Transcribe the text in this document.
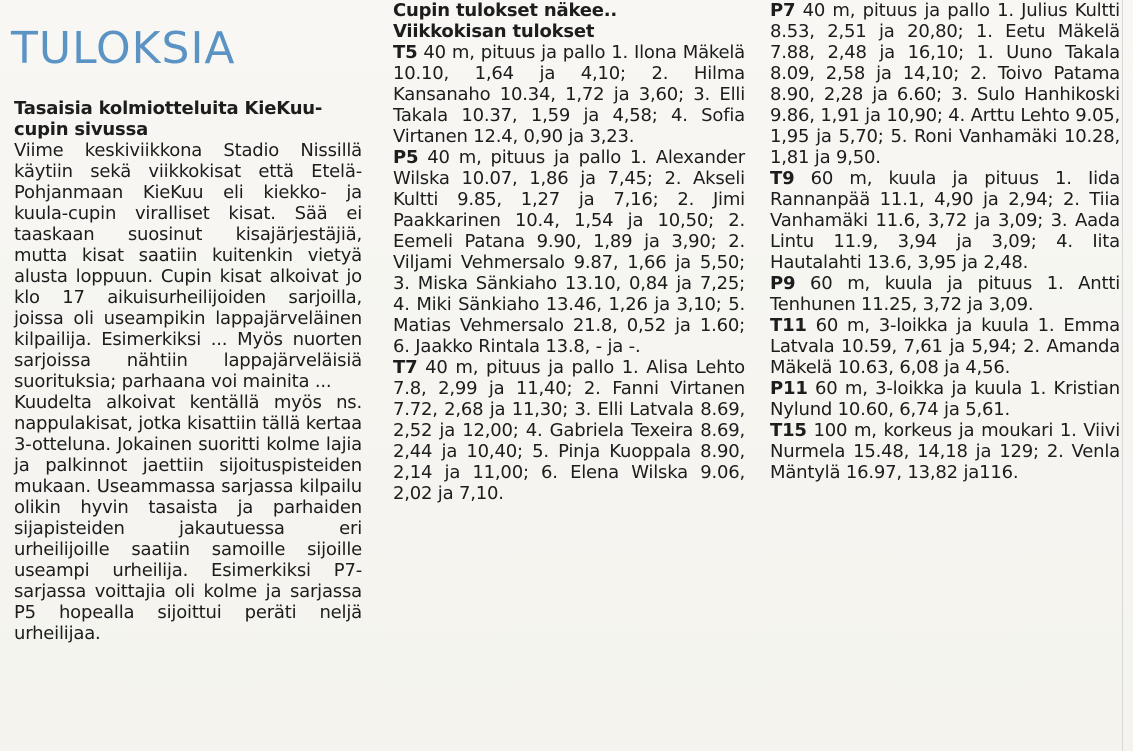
TULOKSIA
Tasaisia kolmiotteluita KieKuu-cupin sivussa
Viime keskiviikkona Stadio Nissillä käytiin sekä viikkokisat että Etelä-Pohjanmaan KieKuu eli kiekko- ja kuula-cupin viralliset kisat. Sää ei taaskaan suosinut kisajärjestäjiä, mutta kisat saatiin kuitenkin vietyä alusta loppuun. Cupin kisat alkoivat jo klo 17 aikuisurheilijoiden sarjoilla, joissa oli useampikin lappajärveläinen kilpailija. Esimerkiksi ... Myös nuorten sarjoissa nähtiin lappajärveläisiä suorituksia; parhaana voi mainita ...
Kuudelta alkoivat kentällä myös ns. nappulakisat, jotka kisattiin tällä kertaa 3-otteluna. Jokainen suoritti kolme lajia ja palkinnot jaettiin sijoituspisteiden mukaan. Useammassa sarjassa kilpailu olikin hyvin tasaista ja parhaiden sijapisteiden jakautuessa eri urheilijoille saatiin samoille sijoille useampi urheilija. Esimerkiksi P7-sarjassa voittajia oli kolme ja sarjassa P5 hopealla sijoittui peräti neljä urheilijaa.
Cupin tulokset näkee..
Viikkokisan tulokset
T5 40 m, pituus ja pallo 1. Ilona Mäkelä 10.10, 1,64 ja 4,10; 2. Hilma Kansanaho 10.34, 1,72 ja 3,60; 3. Elli Takala 10.37, 1,59 ja 4,58; 4. Sofia Virtanen 12.4, 0,90 ja 3,23.
P5 40 m, pituus ja pallo 1. Alexander Wilska 10.07, 1,86 ja 7,45; 2. Akseli Kultti 9.85, 1,27 ja 7,16; 2. Jimi Paakkarinen 10.4, 1,54 ja 10,50; 2. Eemeli Patana 9.90, 1,89 ja 3,90; 2. Viljami Vehmersalo 9.87, 1,66 ja 5,50; 3. Miska Sänkiaho 13.10, 0,84 ja 7,25; 4. Miki Sänkiaho 13.46, 1,26 ja 3,10; 5. Matias Vehmersalo 21.8, 0,52 ja 1.60; 6. Jaakko Rintala 13.8, - ja -.
T7 40 m, pituus ja pallo 1. Alisa Lehto 7.8, 2,99 ja 11,40; 2. Fanni Virtanen 7.72, 2,68 ja 11,30; 3. Elli Latvala 8.69, 2,52 ja 12,00; 4. Gabriela Texeira 8.69, 2,44 ja 10,40; 5. Pinja Kuoppala 8.90, 2,14 ja 11,00; 6. Elena Wilska 9.06, 2,02 ja 7,10.
P7 40 m, pituus ja pallo 1. Julius Kultti 8.53, 2,51 ja 20,80; 1. Eetu Mäkelä 7.88, 2,48 ja 16,10; 1. Uuno Takala 8.09, 2,58 ja 14,10; 2. Toivo Patama 8.90, 2,28 ja 6.60; 3. Sulo Hanhikoski 9.86, 1,91 ja 10,90; 4. Arttu Lehto 9.05, 1,95 ja 5,70; 5. Roni Vanhamäki 10.28, 1,81 ja 9,50.
T9 60 m, kuula ja pituus 1. Iida Rannanpää 11.1, 4,90 ja 2,94; 2. Tiia Vanhamäki 11.6, 3,72 ja 3,09; 3. Aada Lintu 11.9, 3,94 ja 3,09; 4. Iita Hautalahti 13.6, 3,95 ja 2,48.
P9 60 m, kuula ja pituus 1. Antti Tenhunen 11.25, 3,72 ja 3,09.
T11 60 m, 3-loikka ja kuula 1. Emma Latvala 10.59, 7,61 ja 5,94; 2. Amanda Mäkelä 10.63, 6,08 ja 4,56.
P11 60 m, 3-loikka ja kuula 1. Kristian Nylund 10.60, 6,74 ja 5,61.
T15 100 m, korkeus ja moukari 1. Viivi Nurmela 15.48, 14,18 ja 129; 2. Venla Mäntylä 16.97, 13,82 ja116.
